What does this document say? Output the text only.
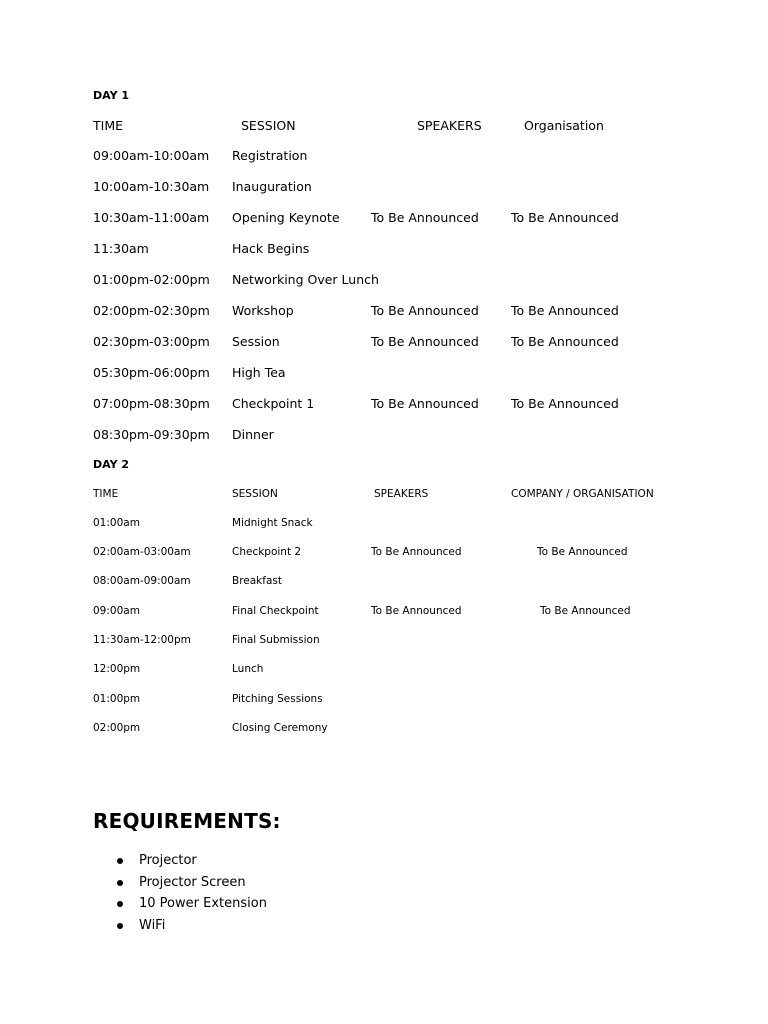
DAY 1
TIME	SESSION	SPEAKERS	Organisation
09:00am-10:00am Registration
10:00am-10:30am Inauguration
10:30am-11:00am Opening Keynote	To Be Announced	To Be Announced
11:30am	Hack Begins
01:00pm-02:00pm Networking Over Lunch
02:00pm-02:30pm Workshop	To Be Announced	To Be Announced
02:30pm-03:00pm Session	To Be Announced	To Be Announced
05:30pm-06:00pm High Tea
07:00pm-08:30pm Checkpoint 1	To Be Announced	To Be Announced
08:30pm-09:30pm Dinner
DAY 2
TIME	SESSION	SPEAKERS	COMPANY / ORGANISATION
01:00am	Midnight Snack
02:00am-03:00am	Checkpoint 2	To Be Announced	To Be Announced
08:00am-09:00am	Breakfast
09:00am	Final Checkpoint	To Be Announced	To Be Announced
11:30am-12:00pm	Final Submission
12:00pm	Lunch
01:00pm	Pitching Sessions
02:00pm	Closing Ceremony
REQUIREMENTS:
Projector
Projector Screen
10 Power Extension
WiFi
